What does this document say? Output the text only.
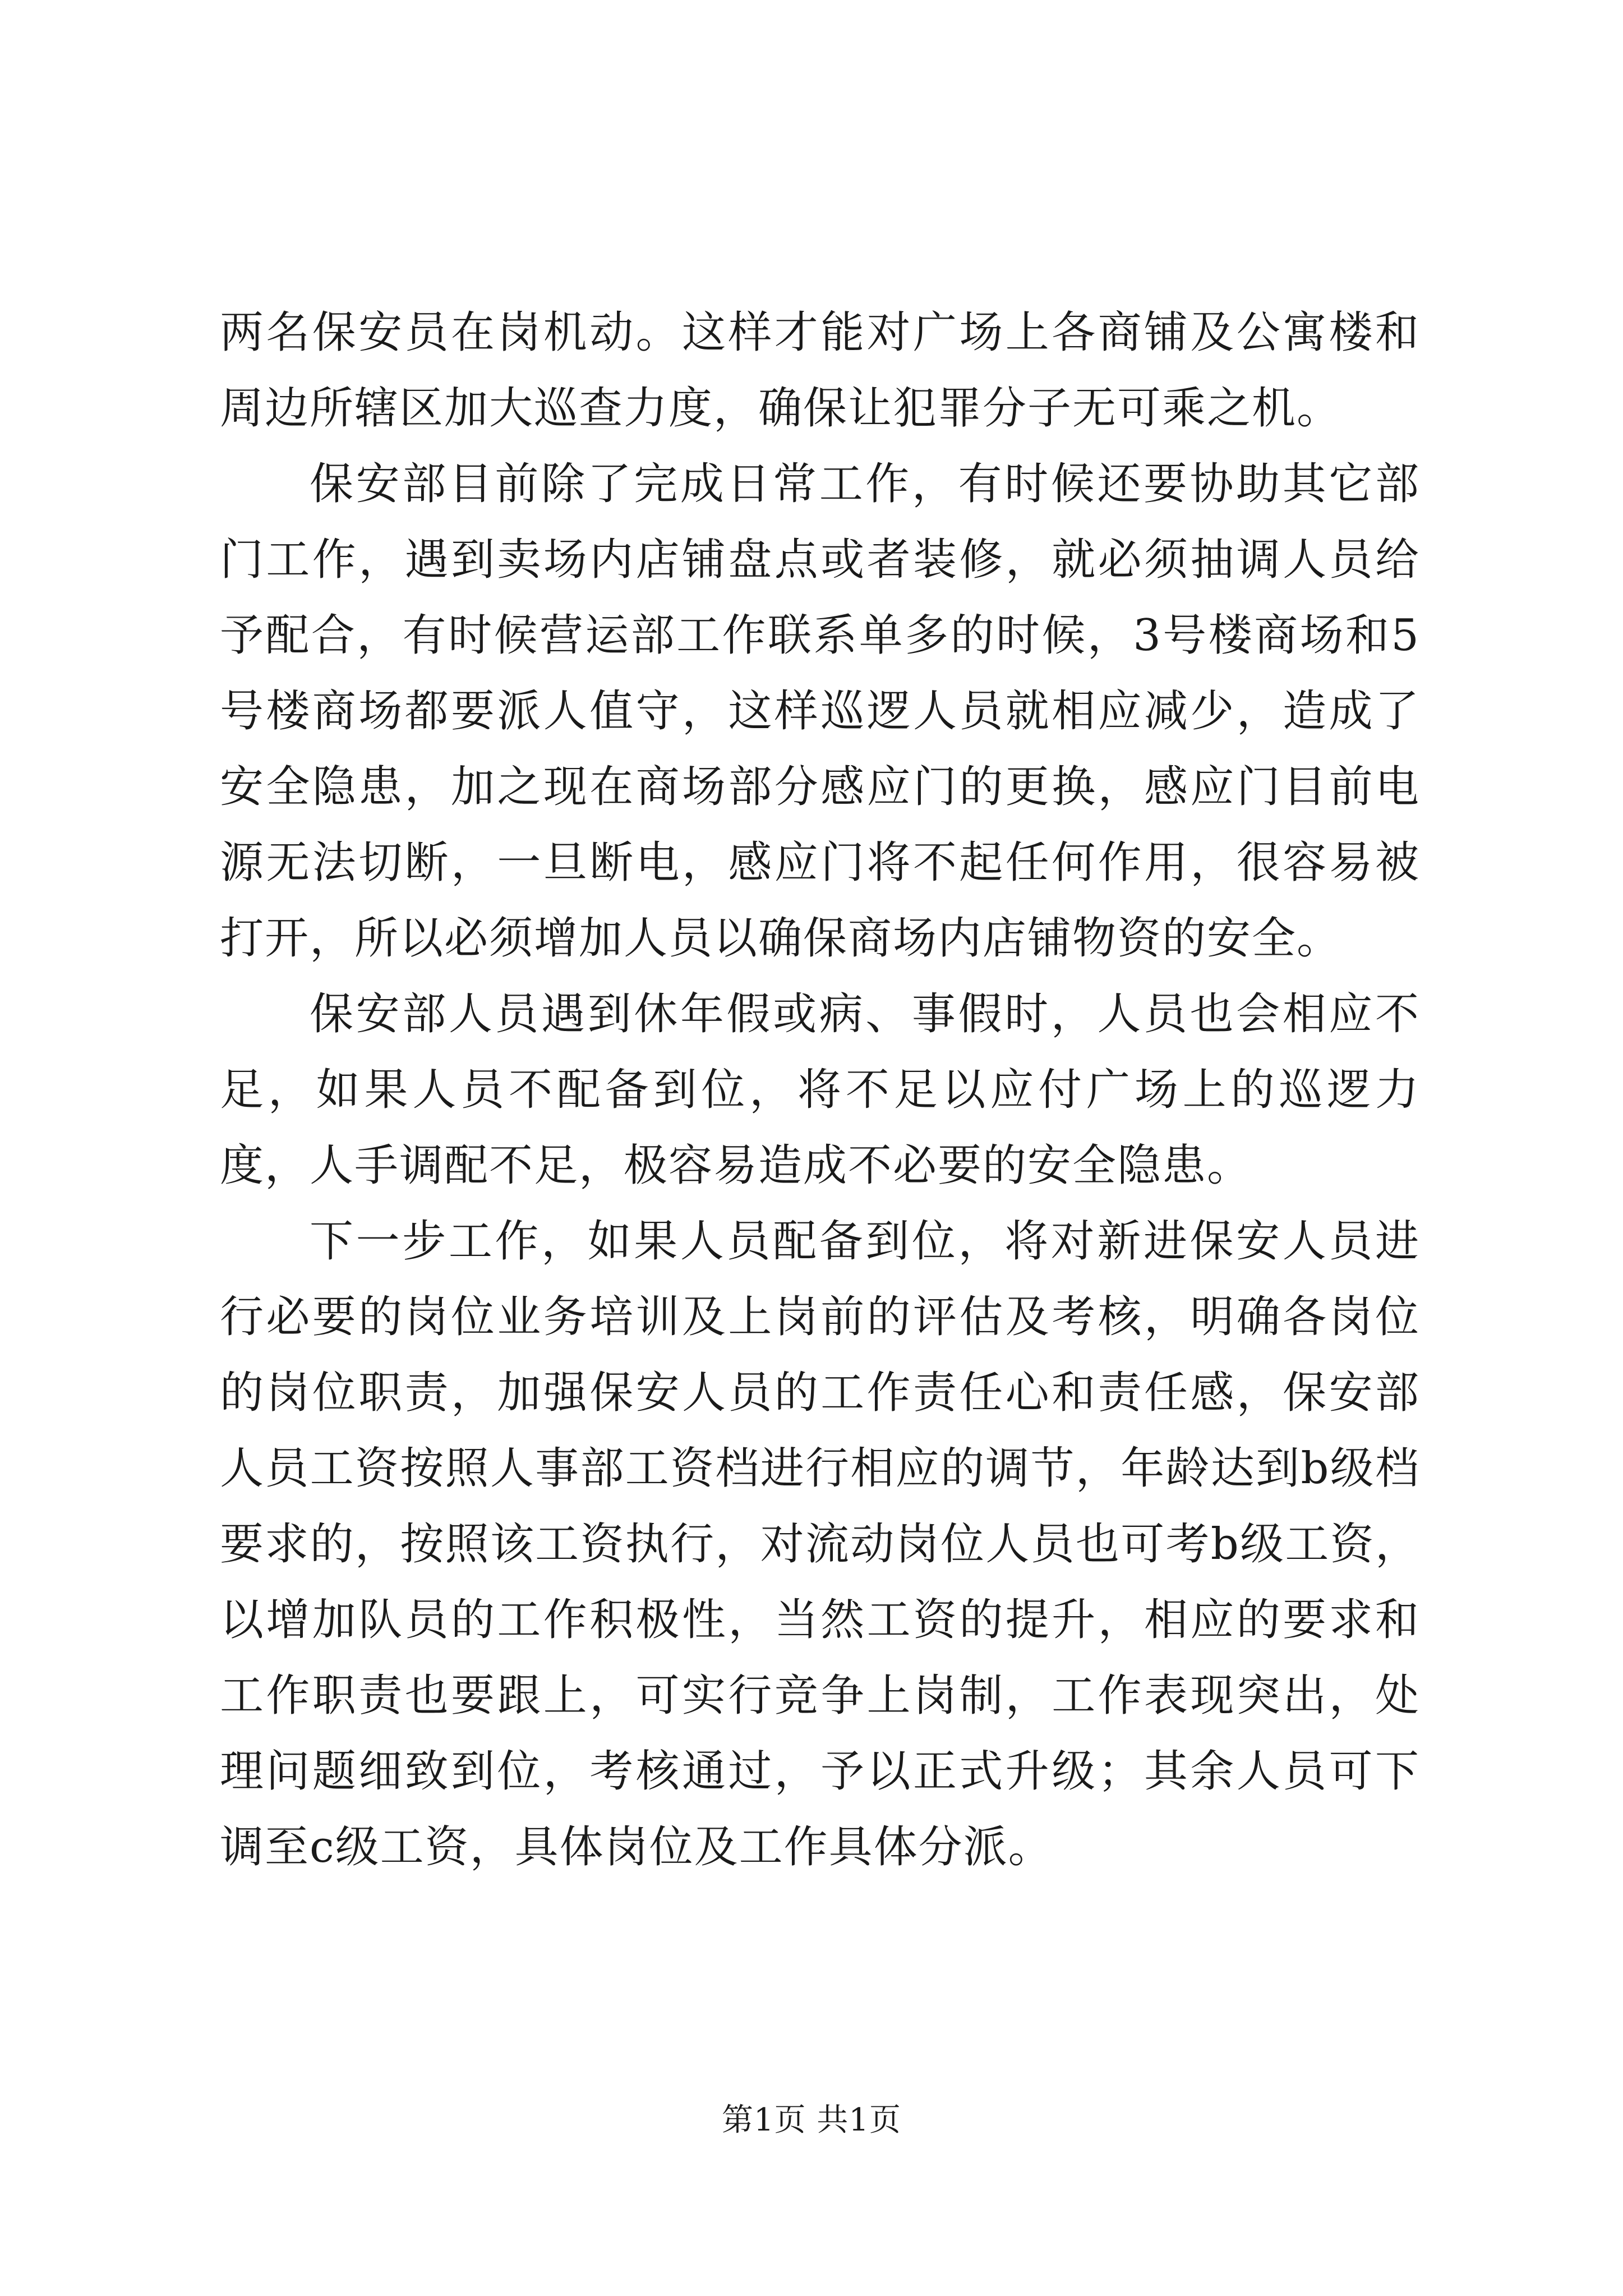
两名保安员在岗机动。这样才能对广场上各商铺及公寓楼和周边所辖区加大巡查力度，确保让犯罪分子无可乘之机。

保安部目前除了完成日常工作，有时候还要协助其它部门工作，遇到卖场内店铺盘点或者装修，就必须抽调人员给予配合，有时候营运部工作联系单多的时候，3号楼商场和5号楼商场都要派人值守，这样巡逻人员就相应减少，造成了安全隐患，加之现在商场部分感应门的更换，感应门目前电源无法切断，一旦断电，感应门将不起任何作用，很容易被打开，所以必须增加人员以确保商场内店铺物资的安全。

保安部人员遇到休年假或病、事假时，人员也会相应不足，如果人员不配备到位，将不足以应付广场上的巡逻力度，人手调配不足，极容易造成不必要的安全隐患。

下一步工作，如果人员配备到位，将对新进保安人员进行必要的岗位业务培训及上岗前的评估及考核，明确各岗位的岗位职责，加强保安人员的工作责任心和责任感，保安部人员工资按照人事部工资档进行相应的调节，年龄达到b级档要求的，按照该工资执行，对流动岗位人员也可考b级工资，以增加队员的工作积极性，当然工资的提升，相应的要求和工作职责也要跟上，可实行竞争上岗制，工作表现突出，处理问题细致到位，考核通过，予以正式升级；其余人员可下调至c级工资，具体岗位及工作具体分派。

第1页 共1页
